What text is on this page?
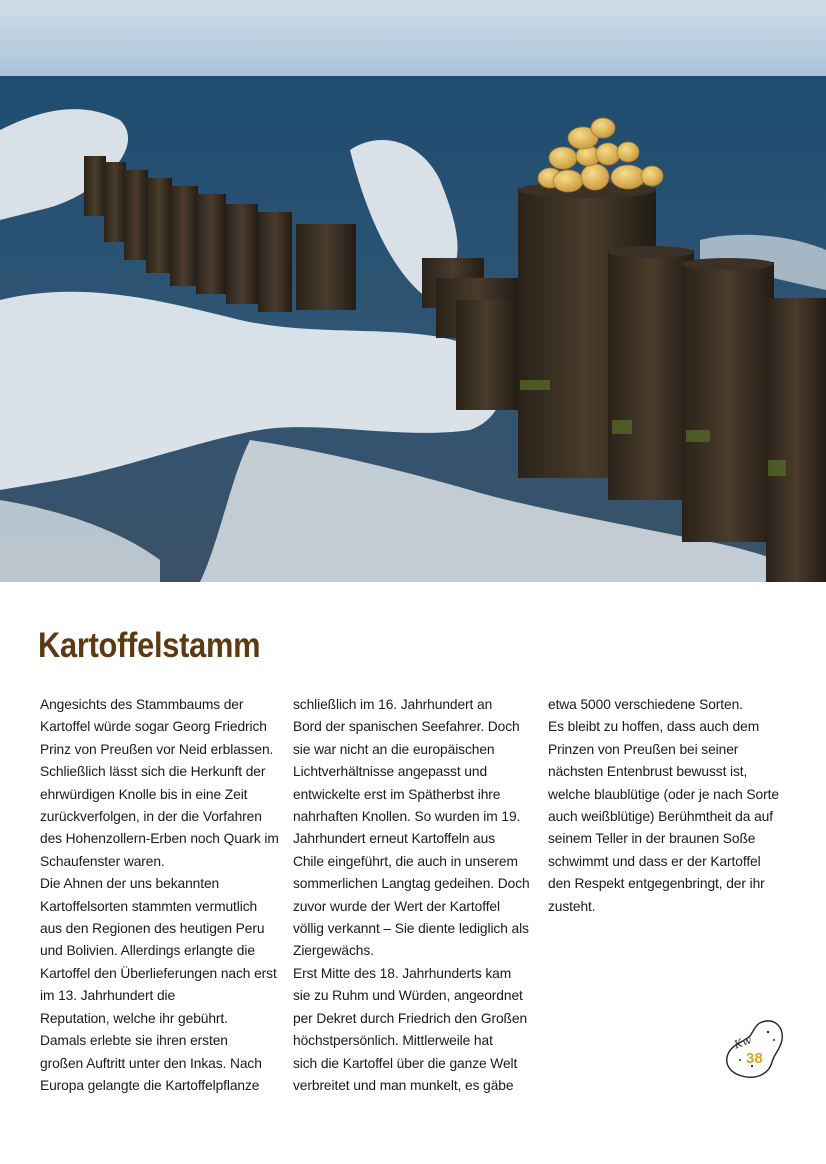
Kartoffelstamm
Angesichts des Stammbaums der
Kartoffel würde sogar Georg Friedrich
Prinz von Preußen vor Neid erblassen.
Schließlich lässt sich die Herkunft der
ehrwürdigen Knolle bis in eine Zeit
zurückverfolgen, in der die Vorfahren
des Hohenzollern-Erben noch Quark im
Schaufenster waren.
Die Ahnen der uns bekannten
Kartoffelsorten stammten vermutlich
aus den Regionen des heutigen Peru
und Bolivien. Allerdings erlangte die
Kartoffel den Überlieferungen nach erst
im 13. Jahrhundert die
Reputation, welche ihr gebührt.
Damals erlebte sie ihren ersten
großen Auftritt unter den Inkas. Nach
Europa gelangte die Kartoffelpflanze
schließlich im 16. Jahrhundert an
Bord der spanischen Seefahrer. Doch
sie war nicht an die europäischen
Lichtverhältnisse angepasst und
entwickelte erst im Spätherbst ihre
nahrhaften Knollen. So wurden im 19.
Jahrhundert erneut Kartoffeln aus
Chile eingeführt, die auch in unserem
sommerlichen Langtag gedeihen. Doch
zuvor wurde der Wert der Kartoffel
völlig verkannt – Sie diente lediglich als
Ziergewächs.
Erst Mitte des 18. Jahrhunderts kam
sie zu Ruhm und Würden, angeordnet
per Dekret durch Friedrich den Großen
höchstpersönlich. Mittlerweile hat
sich die Kartoffel über die ganze Welt
verbreitet und man munkelt, es gäbe
etwa 5000 verschiedene Sorten.
Es bleibt zu hoffen, dass auch dem
Prinzen von Preußen bei seiner
nächsten Entenbrust bewusst ist,
welche blaublütige (oder je nach Sorte
auch weißblütige) Berühmtheit da auf
seinem Teller in der braunen Soße
schwimmt und dass er der Kartoffel
den Respekt entgegenbringt, der ihr
zusteht.
Kw
38
